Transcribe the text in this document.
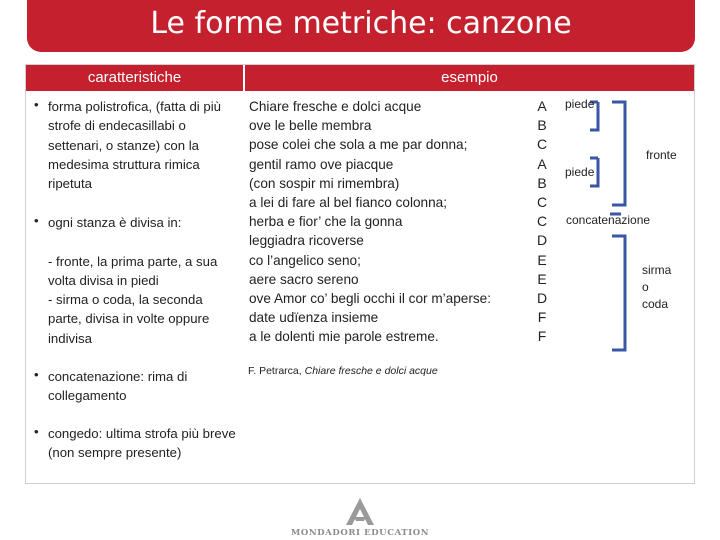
Le forme metriche: canzone
caratteristiche	esempio
• forma polistrofica, (fatta di più strofe di endecasillabi o settenari, o stanze) con la medesima struttura rimica ripetuta
• ogni stanza è divisa in:
- fronte, la prima parte, a sua volta divisa in piedi
- sirma o coda, la seconda parte, divisa in volte oppure indivisa
• concatenazione: rima di collegamento
• congedo: ultima strofa più breve (non sempre presente)
Chiare fresche e dolci acque
ove le belle membra
pose colei che sola a me par donna;
gentil ramo ove piacque
(con sospir mi rimembra)
a lei di fare al bel fianco colonna;
herba e fior’ che la gonna
leggiadra ricoverse
co l’angelico seno;
aere sacro sereno
ove Amor co’ begli occhi il cor m’aperse:
date udïenza insieme
a le dolenti mie parole estreme.
F. Petrarca, Chiare fresche e dolci acque
A
B
C
A
B
C
C
D
E
E
D
F
F
piede
piede
fronte
concatenazione
sirma
o
coda
MONDADORI EDUCATION
